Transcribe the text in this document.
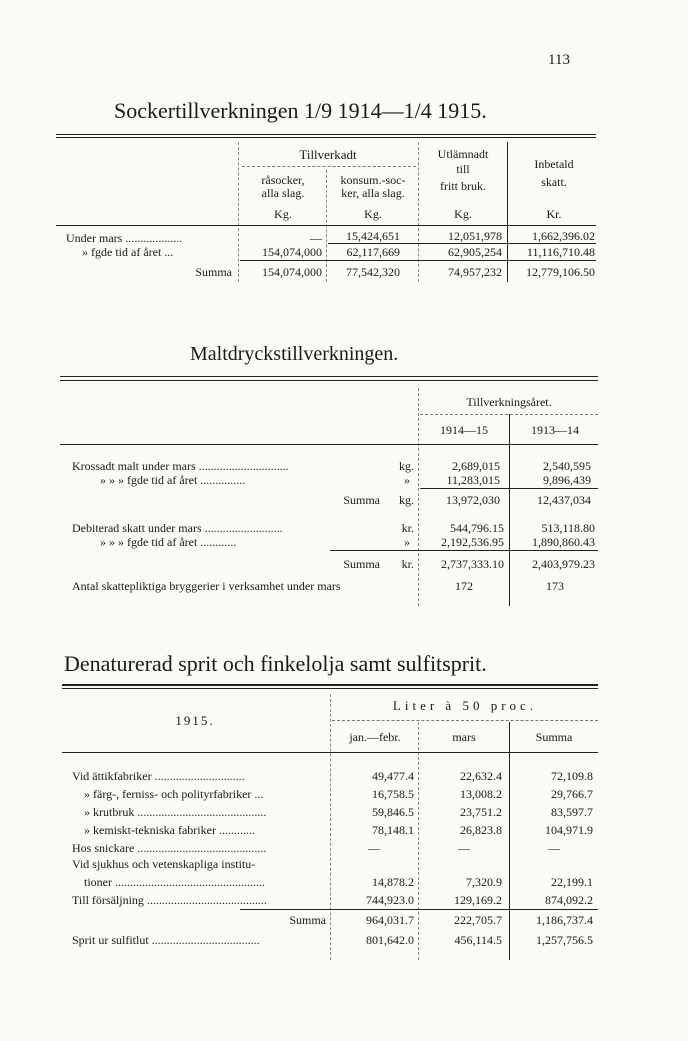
113
Sockertillverkningen 1/9 1914—1/4 1915.
Tillverkadt
råsocker,
alla slag.
konsum.-soc-
ker, alla slag.
Utlämnadt
till
fritt bruk.
Inbetald
skatt.
Kg.	Kg.	Kg.	Kr.
Under mars ...................	—	15,424,651	12,051,978	1,662,396.02
» fgde tid af året ...	154,074,000	62,117,669	62,905,254	11,116,710.48
Summa	154,074,000	77,542,320	74,957,232	12,779,106.50
Maltdryckstillverkningen.
Tillverkningsåret.
1914—15	1913—14
Krossadt malt under mars ..............................	kg.	2,689,015	2,540,595
» » » fgde tid af året ...............	»	11,283,015	9,896,439
Summa	kg.	13,972,030	12,437,034
Debiterad skatt under mars ..........................	kr.	544,796.15	513,118.80
» » » fgde tid af året ............	»	2,192,536.95	1,890,860.43
Summa	kr.	2,737,333.10	2,403,979.23
Antal skattepliktiga bryggerier i verksamhet under mars	172	173
Denaturerad sprit och finkelolja samt sulfitsprit.
1915.
Liter à 50 proc.
jan.—febr.	mars	Summa
Vid ättikfabriker ..............................	49,477.4	22,632.4	72,109.8
» färg-, ferniss- och polityrfabriker ...	16,758.5	13,008.2	29,766.7
» krutbruk ...........................................	59,846.5	23,751.2	83,597.7
» kemiskt-tekniska fabriker ............	78,148.1	26,823.8	104,971.9
Hos snickare ...........................................	—	—	—
Vid sjukhus och vetenskapliga institu-
tioner ..................................................	14,878.2	7,320.9	22,199.1
Till försäljning ........................................	744,923.0	129,169.2	874,092.2
Summa	964,031.7	222,705.7	1,186,737.4
Sprit ur sulfitlut ....................................	801,642.0	456,114.5	1,257,756.5
